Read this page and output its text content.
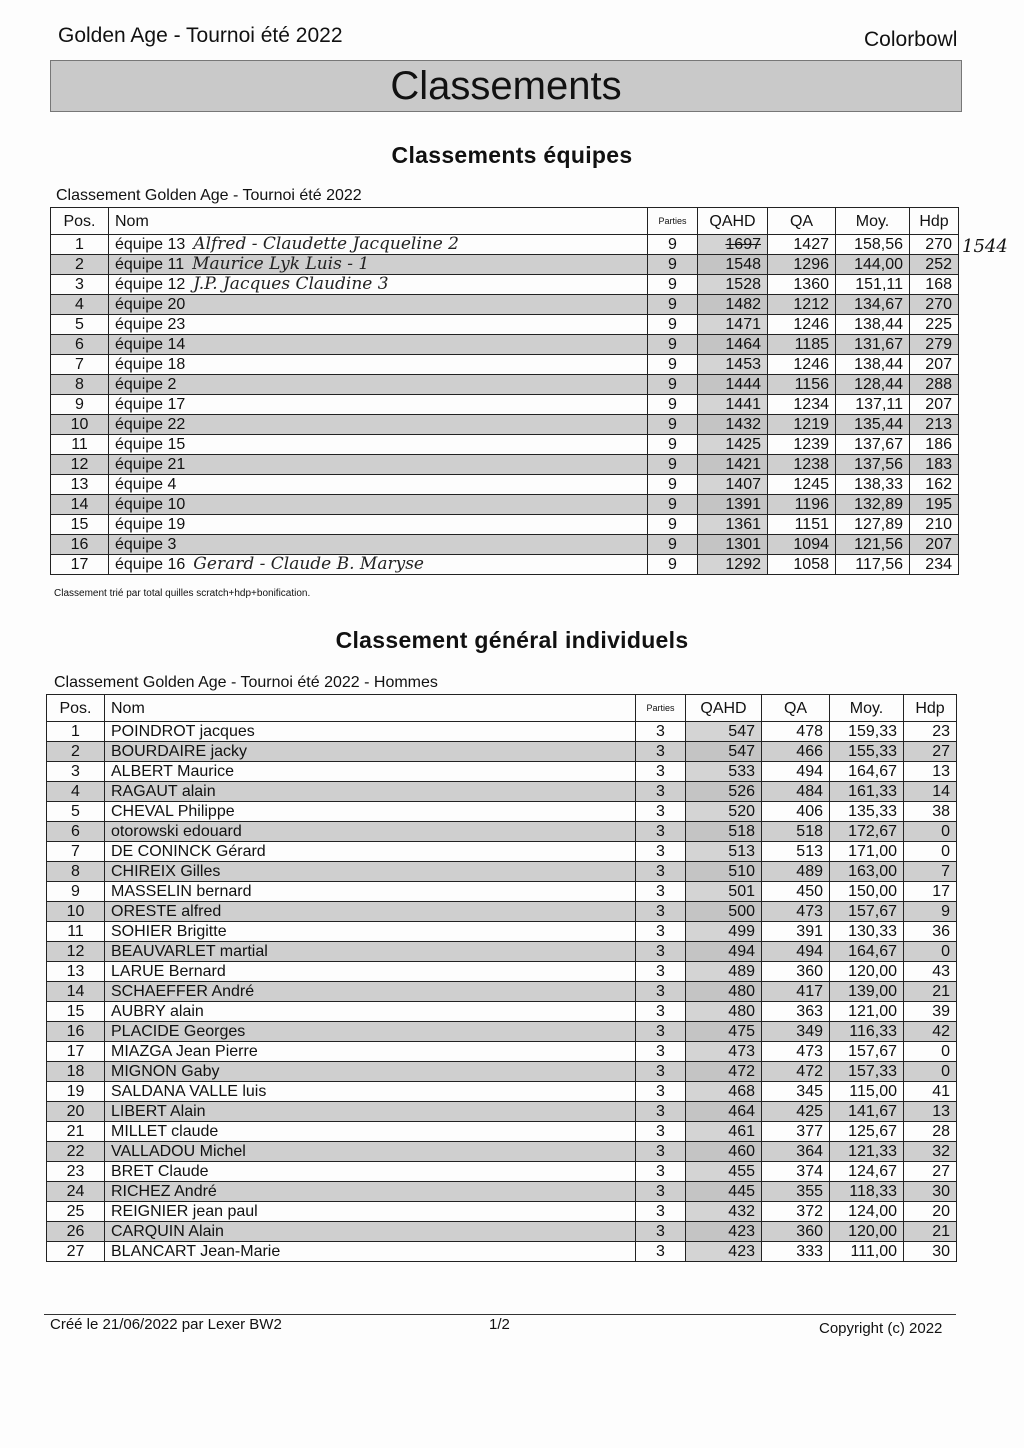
Golden Age - Tournoi été 2022	Colorbowl
Classements
Classements équipes
Classement Golden Age - Tournoi été 2022
Pos.	Nom	Parties	QAHD	QA	Moy.	Hdp
1	équipe 13 Alfred - Claudette Jacqueline 2	9	1697	1427	158,56	270
2	équipe 11 Maurice Lyk Luis - 1	9	1548	1296	144,00	252
3	équipe 12 J.P. Jacques Claudine 3	9	1528	1360	151,11	168
4	équipe 20	9	1482	1212	134,67	270
5	équipe 23	9	1471	1246	138,44	225
6	équipe 14	9	1464	1185	131,67	279
7	équipe 18	9	1453	1246	138,44	207
8	équipe 2	9	1444	1156	128,44	288
9	équipe 17	9	1441	1234	137,11	207
10	équipe 22	9	1432	1219	135,44	213
11	équipe 15	9	1425	1239	137,67	186
12	équipe 21	9	1421	1238	137,56	183
13	équipe 4	9	1407	1245	138,33	162
14	équipe 10	9	1391	1196	132,89	195
15	équipe 19	9	1361	1151	127,89	210
16	équipe 3	9	1301	1094	121,56	207
17	équipe 16 Gerard - Claude B. Maryse	9	1292	1058	117,56	234
1544
Classement trié par total quilles scratch+hdp+bonification.
Classement général individuels
Classement Golden Age - Tournoi été 2022 - Hommes
Pos.	Nom	Parties	QAHD	QA	Moy.	Hdp
1	POINDROT jacques	3	547	478	159,33	23
2	BOURDAIRE jacky	3	547	466	155,33	27
3	ALBERT Maurice	3	533	494	164,67	13
4	RAGAUT alain	3	526	484	161,33	14
5	CHEVAL Philippe	3	520	406	135,33	38
6	otorowski edouard	3	518	518	172,67	0
7	DE CONINCK Gérard	3	513	513	171,00	0
8	CHIREIX Gilles	3	510	489	163,00	7
9	MASSELIN bernard	3	501	450	150,00	17
10	ORESTE alfred	3	500	473	157,67	9
11	SOHIER Brigitte	3	499	391	130,33	36
12	BEAUVARLET martial	3	494	494	164,67	0
13	LARUE Bernard	3	489	360	120,00	43
14	SCHAEFFER André	3	480	417	139,00	21
15	AUBRY alain	3	480	363	121,00	39
16	PLACIDE Georges	3	475	349	116,33	42
17	MIAZGA Jean Pierre	3	473	473	157,67	0
18	MIGNON Gaby	3	472	472	157,33	0
19	SALDANA VALLE luis	3	468	345	115,00	41
20	LIBERT Alain	3	464	425	141,67	13
21	MILLET claude	3	461	377	125,67	28
22	VALLADOU Michel	3	460	364	121,33	32
23	BRET Claude	3	455	374	124,67	27
24	RICHEZ André	3	445	355	118,33	30
25	REIGNIER jean paul	3	432	372	124,00	20
26	CARQUIN Alain	3	423	360	120,00	21
27	BLANCART Jean-Marie	3	423	333	111,00	30
Créé le 21/06/2022 par Lexer BW2	1/2	Copyright (c) 2022
